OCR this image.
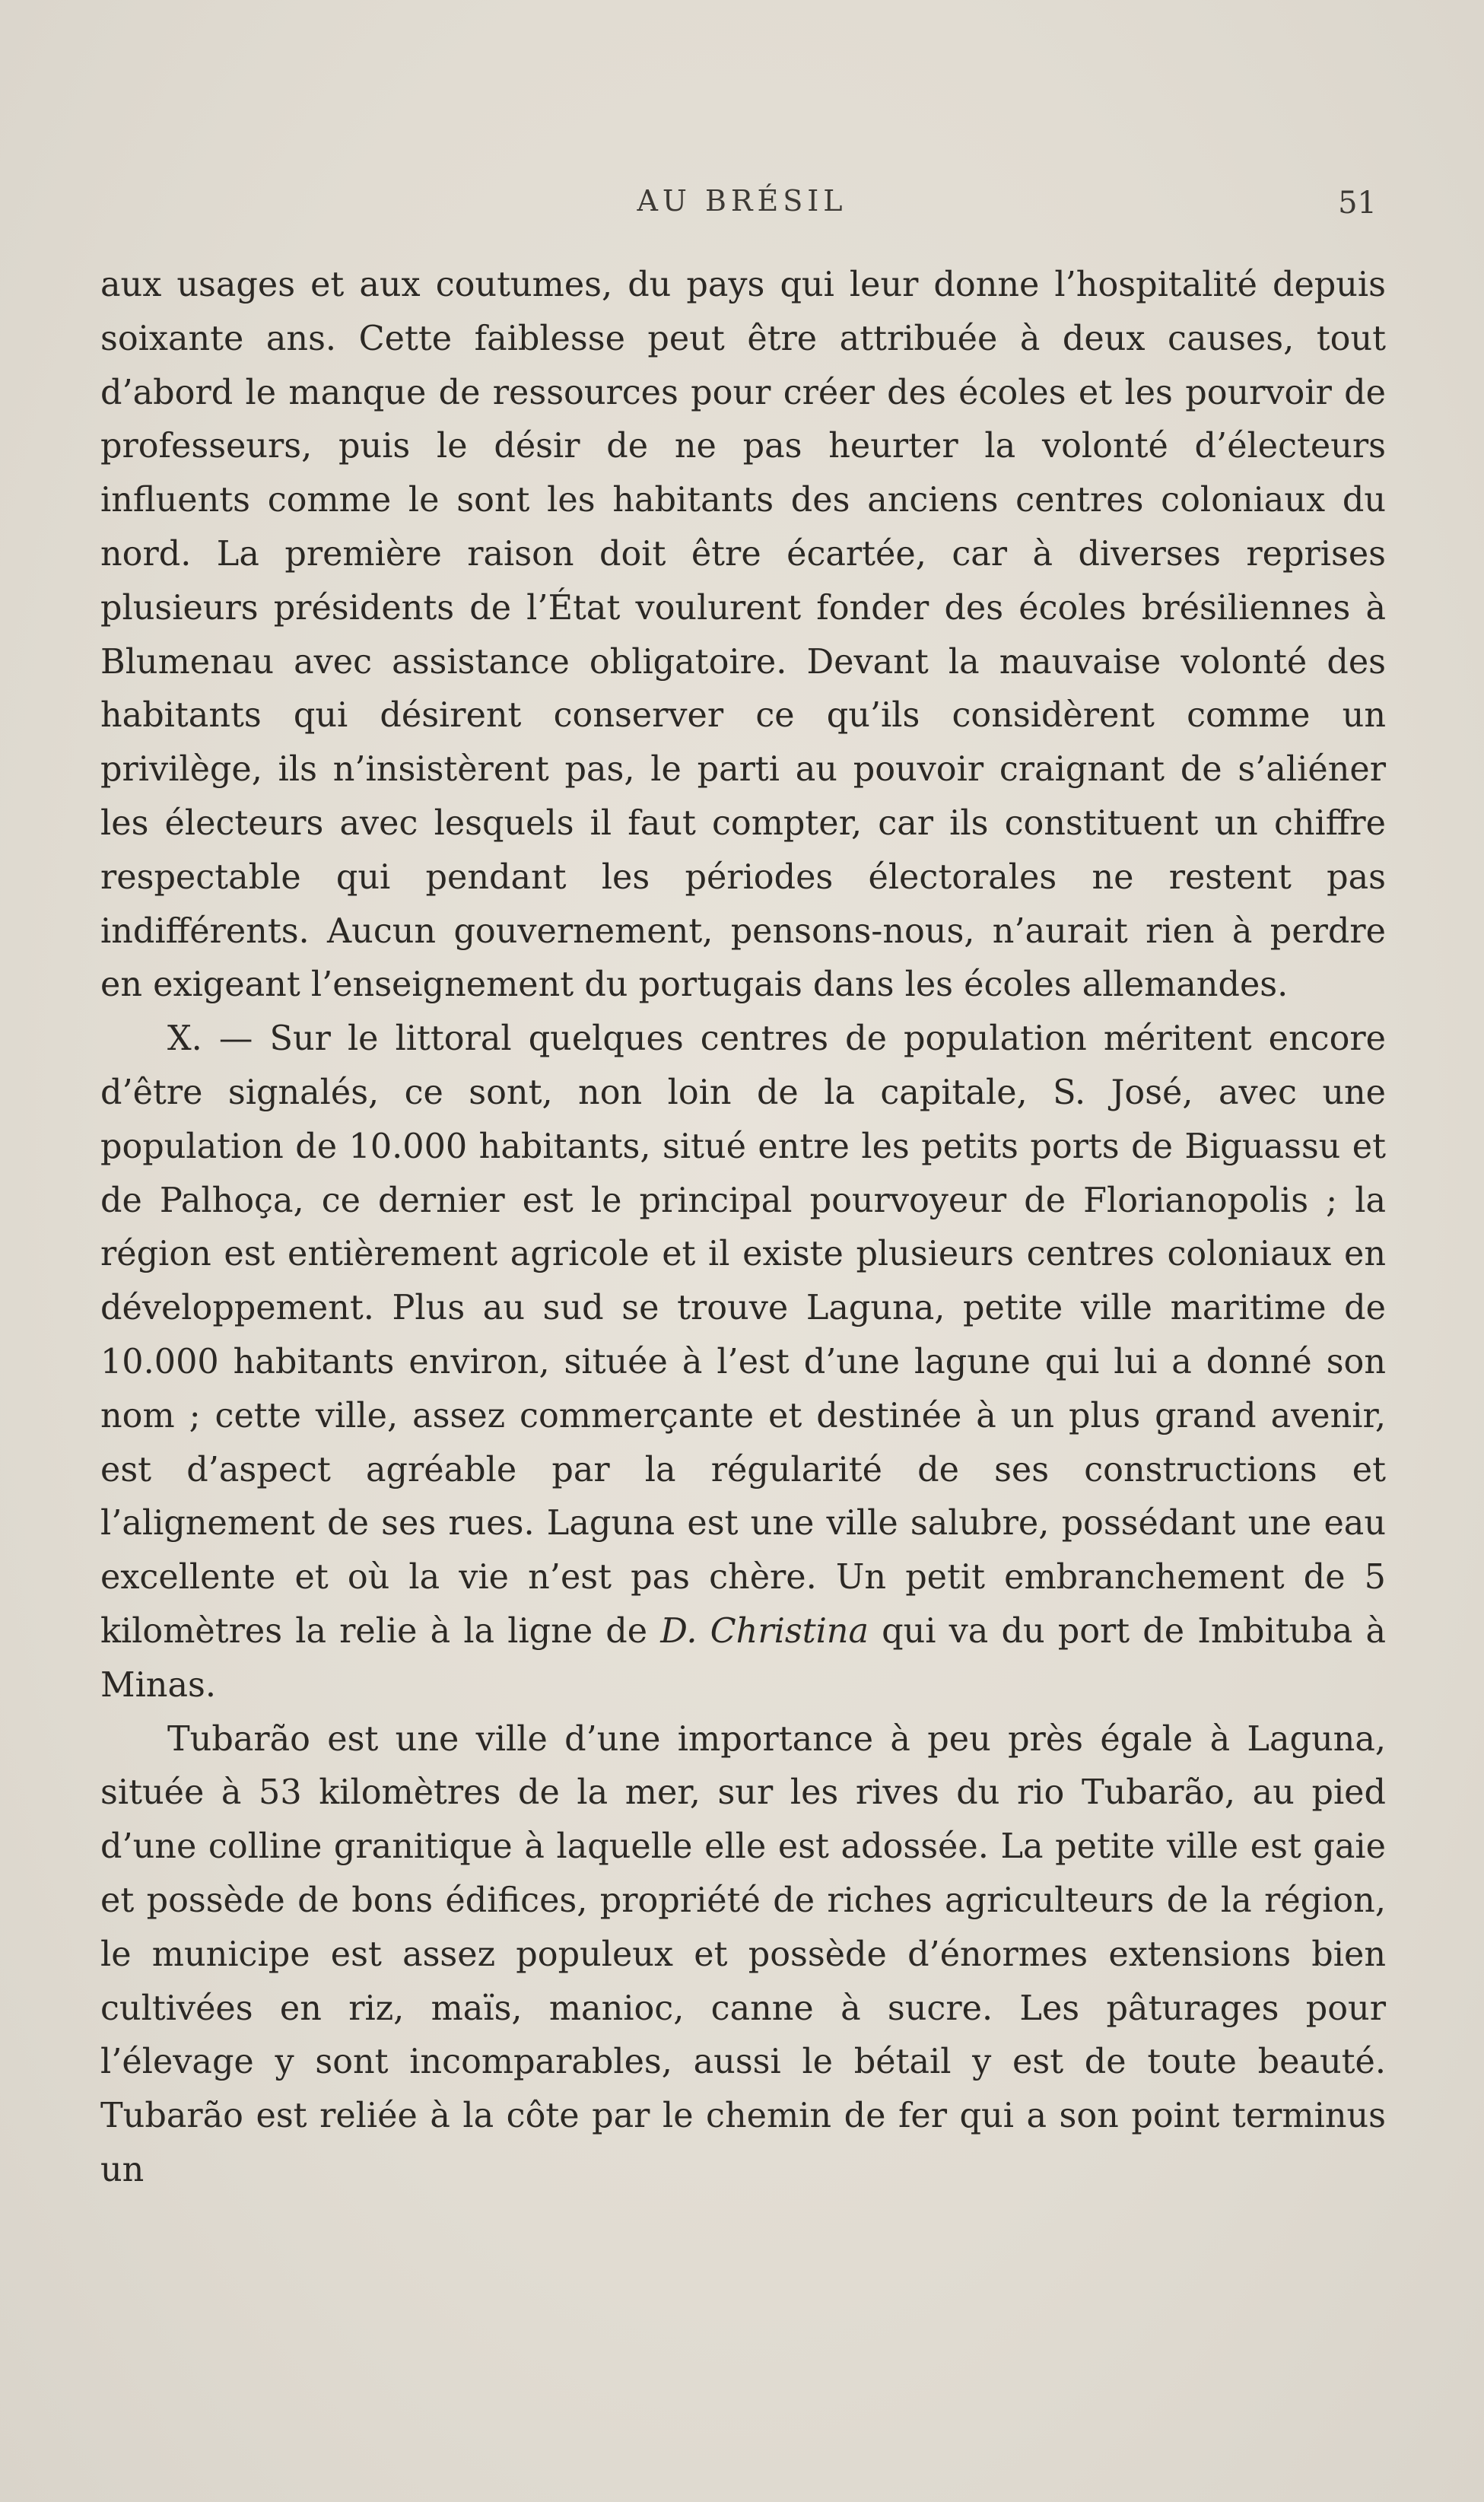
AU BRÉSIL	51

aux usages et aux coutumes, du pays qui leur donne l’hospitalité depuis soixante ans. Cette faiblesse peut être attribuée à deux causes, tout d’abord le manque de ressources pour créer des écoles et les pourvoir de professeurs, puis le désir de ne pas heurter la volonté d’électeurs influents comme le sont les habitants des anciens centres coloniaux du nord. La première raison doit être écartée, car à diverses reprises plusieurs présidents de l’État voulurent fonder des écoles brésiliennes à Blumenau avec assistance obligatoire. Devant la mauvaise volonté des habitants qui désirent conserver ce qu’ils considèrent comme un privilège, ils n’insistèrent pas, le parti au pouvoir craignant de s’aliéner les électeurs avec lesquels il faut compter, car ils constituent un chiffre respectable qui pendant les périodes électorales ne restent pas indifférents. Aucun gouvernement, pensons-nous, n’aurait rien à perdre en exigeant l’enseignement du portugais dans les écoles allemandes.

X. — Sur le littoral quelques centres de population méritent encore d’être signalés, ce sont, non loin de la capitale, S. José, avec une population de 10.000 habitants, situé entre les petits ports de Biguassu et de Palhoça, ce dernier est le principal pourvoyeur de Florianopolis ; la région est entièrement agricole et il existe plusieurs centres coloniaux en développement. Plus au sud se trouve Laguna, petite ville maritime de 10.000 habitants environ, située à l’est d’une lagune qui lui a donné son nom ; cette ville, assez commerçante et destinée à un plus grand avenir, est d’aspect agréable par la régularité de ses constructions et l’alignement de ses rues. Laguna est une ville salubre, possédant une eau excellente et où la vie n’est pas chère. Un petit embranchement de 5 kilomètres la relie à la ligne de D. Christina qui va du port de Imbituba à Minas.

Tubarão est une ville d’une importance à peu près égale à Laguna, située à 53 kilomètres de la mer, sur les rives du rio Tubarão, au pied d’une colline granitique à laquelle elle est adossée. La petite ville est gaie et possède de bons édifices, propriété de riches agriculteurs de la région, le municipe est assez populeux et possède d’énormes extensions bien cultivées en riz, maïs, manioc, canne à sucre. Les pâturages pour l’élevage y sont incomparables, aussi le bétail y est de toute beauté. Tubarão est reliée à la côte par le chemin de fer qui a son point terminus un
